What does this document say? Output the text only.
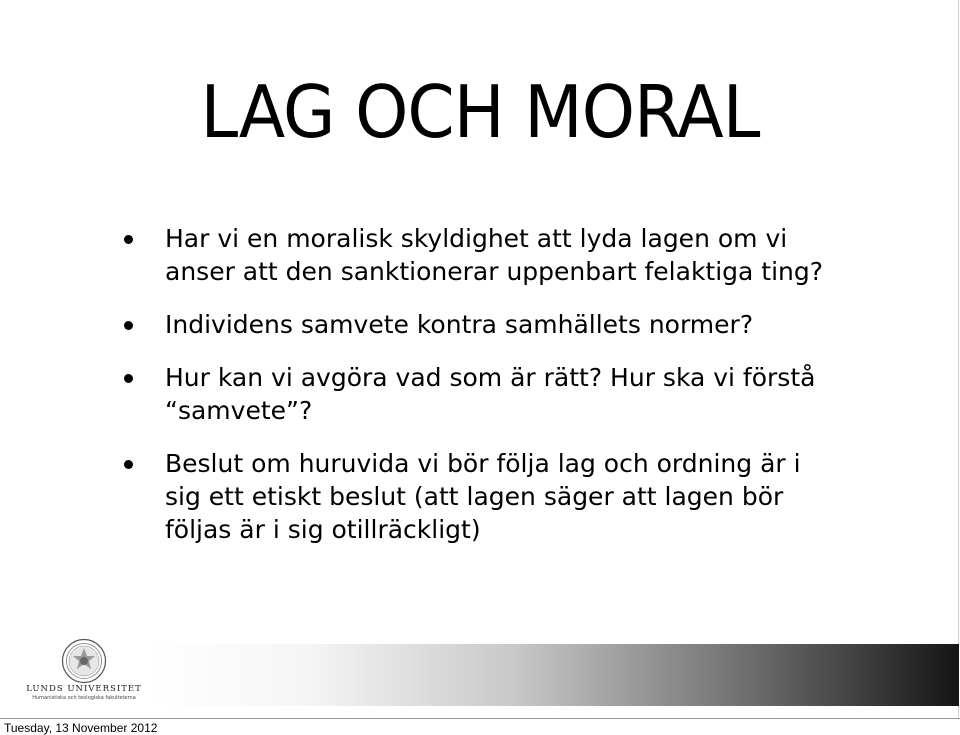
LAG OCH MORAL
Har vi en moralisk skyldighet att lyda lagen om vi anser att den sanktionerar uppenbart felaktiga ting?
Individens samvete kontra samhällets normer?
Hur kan vi avgöra vad som är rätt? Hur ska vi förstå “samvete”?
Beslut om huruvida vi bör följa lag och ordning är i sig ett etiskt beslut (att lagen säger att lagen bör följas är i sig otillräckligt)
LUNDS UNIVERSITET
Humanistiska och teologiska fakulteterna
Tuesday, 13 November 2012
